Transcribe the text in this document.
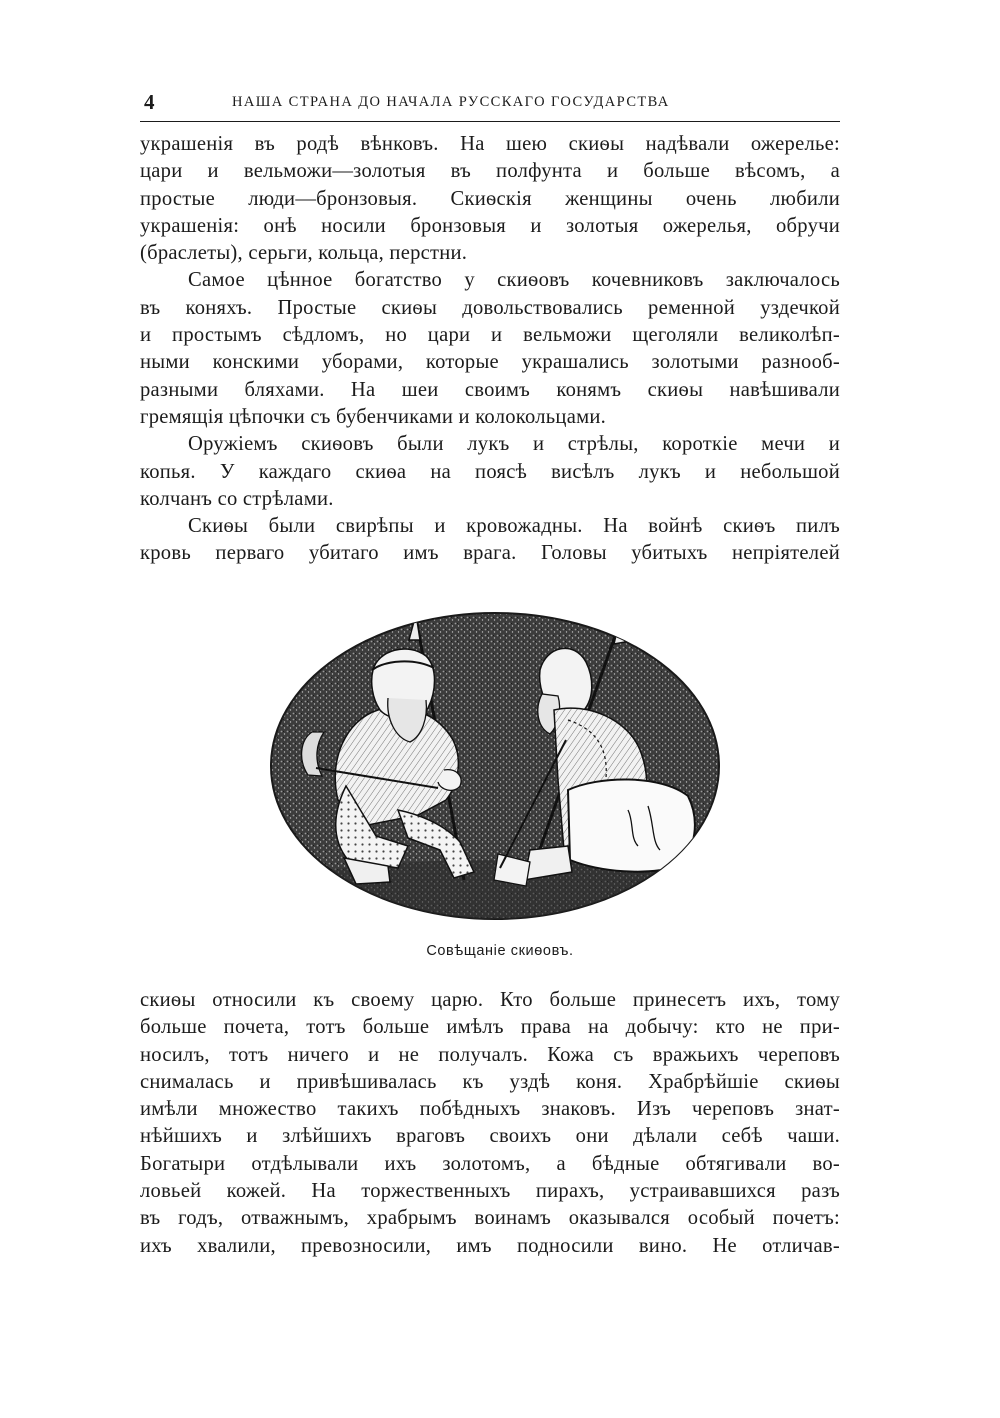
4	НАША СТРАНА ДО НАЧАЛА РУССКАГО ГОСУДАРСТВА
украшенія въ родѣ вѣнковъ. На шею скиѳы надѣвали ожерелье:
цари и вельможи—золотыя въ полфунта и больше вѣсомъ, а
простые люди—бронзовыя. Скиѳскія женщины очень любили
украшенія: онѣ носили бронзовыя и золотыя ожерелья, обручи
(браслеты), серьги, кольца, перстни.
Самое цѣнное богатство у скиѳовъ кочевниковъ заключалось
въ коняхъ. Простые скиѳы довольствовались ременной уздечкой
и простымъ сѣдломъ, но цари и вельможи щеголяли великолѣп-
ными конскими уборами, которые украшались золотыми разнооб-
разными бляхами. На шеи своимъ конямъ скиѳы навѣшивали
гремящія цѣпочки съ бубенчиками и колокольцами.
Оружіемъ скиѳовъ были лукъ и стрѣлы, короткіе мечи и
копья. У каждаго скиѳа на поясѣ висѣлъ лукъ и небольшой
колчанъ со стрѣлами.
Скиѳы были свирѣпы и кровожадны. На войнѣ скиѳъ пилъ
кровь перваго убитаго имъ врага. Головы убитыхъ непріятелей
Совѣщаніе скиѳовъ.
скиѳы относили къ своему царю. Кто больше принесетъ ихъ, тому
больше почета, тотъ больше имѣлъ права на добычу: кто не при-
носилъ, тотъ ничего и не получалъ. Кожа съ вражьихъ череповъ
снималась и привѣшивалась къ уздѣ коня. Храбрѣйшіе скиѳы
имѣли множество такихъ побѣдныхъ знаковъ. Изъ череповъ знат-
нѣйшихъ и злѣйшихъ враговъ своихъ они дѣлали себѣ чаши.
Богатыри отдѣлывали ихъ золотомъ, а бѣдные обтягивали во-
ловьей кожей. На торжественныхъ пирахъ, устраивавшихся разъ
въ годъ, отважнымъ, храбрымъ воинамъ оказывался особый почетъ:
ихъ хвалили, превозносили, имъ подносили вино. Не отличав-
